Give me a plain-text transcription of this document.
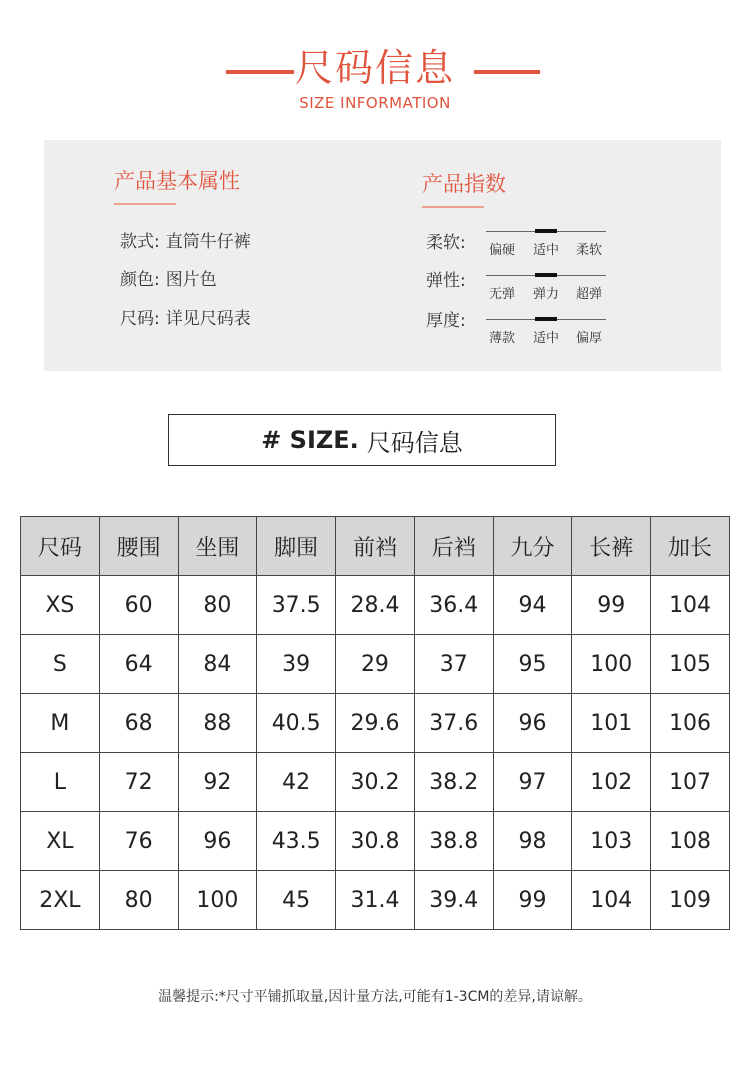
尺码信息
SIZE INFORMATION
产品基本属性
款式: 直筒牛仔裤
颜色: 图片色
尺码: 详见尺码表
产品指数
柔软:	偏硬	适中	柔软
弹性:
无弹	弹力	超弹
厚度:
薄款	适中	偏厚
# SIZE. 尺码信息
尺码	腰围	坐围	脚围	前裆	后裆	九分	长裤	加长
XS	60	80	37.5	28.4	36.4	94	99	104
S	64	84	39	29	37	95	100	105
M	68	88	40.5	29.6	37.6	96	101	106
L	72	92	42	30.2	38.2	97	102	107
XL	76	96	43.5	30.8	38.8	98	103	108
2XL	80	100	45	31.4	39.4	99	104	109
温馨提示:*尺寸平铺抓取量,因计量方法,可能有1-3CM的差异,请谅解。
